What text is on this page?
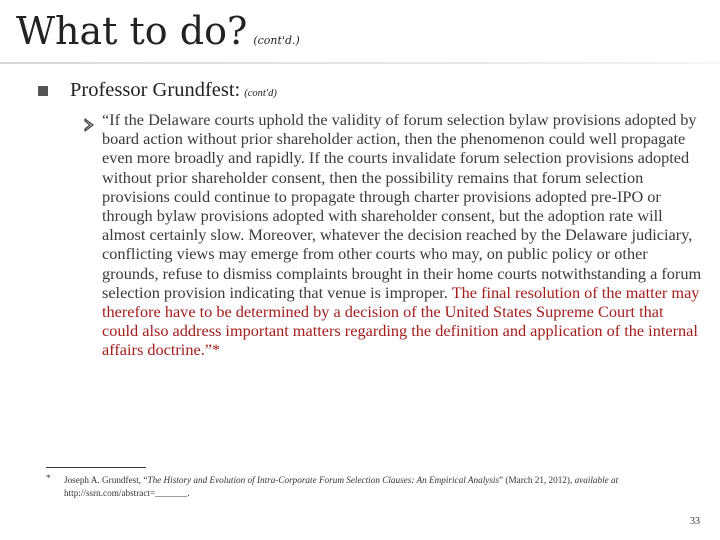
What to do? (cont'd.)
Professor Grundfest: (cont'd)
“If the Delaware courts uphold the validity of forum selection bylaw provisions adopted by board action without prior shareholder action, then the phenomenon could well propagate even more broadly and rapidly. If the courts invalidate forum selection provisions adopted without prior shareholder consent, then the possibility remains that forum selection provisions could continue to propagate through charter provisions adopted pre-IPO or through bylaw provisions adopted with shareholder consent, but the adoption rate will almost certainly slow. Moreover, whatever the decision reached by the Delaware judiciary, conflicting views may emerge from other courts who may, on public policy or other grounds, refuse to dismiss complaints brought in their home courts notwithstanding a forum selection provision indicating that venue is improper. The final resolution of the matter may therefore have to be determined by a decision of the United States Supreme Court that could also address important matters regarding the definition and application of the internal affairs doctrine.”*
* Joseph A. Grundfest, “The History and Evolution of Intra-Corporate Forum Selection Clauses: An Empirical Analysis” (March 21, 2012), available at
http://ssrn.com/abstract=_______.
33
